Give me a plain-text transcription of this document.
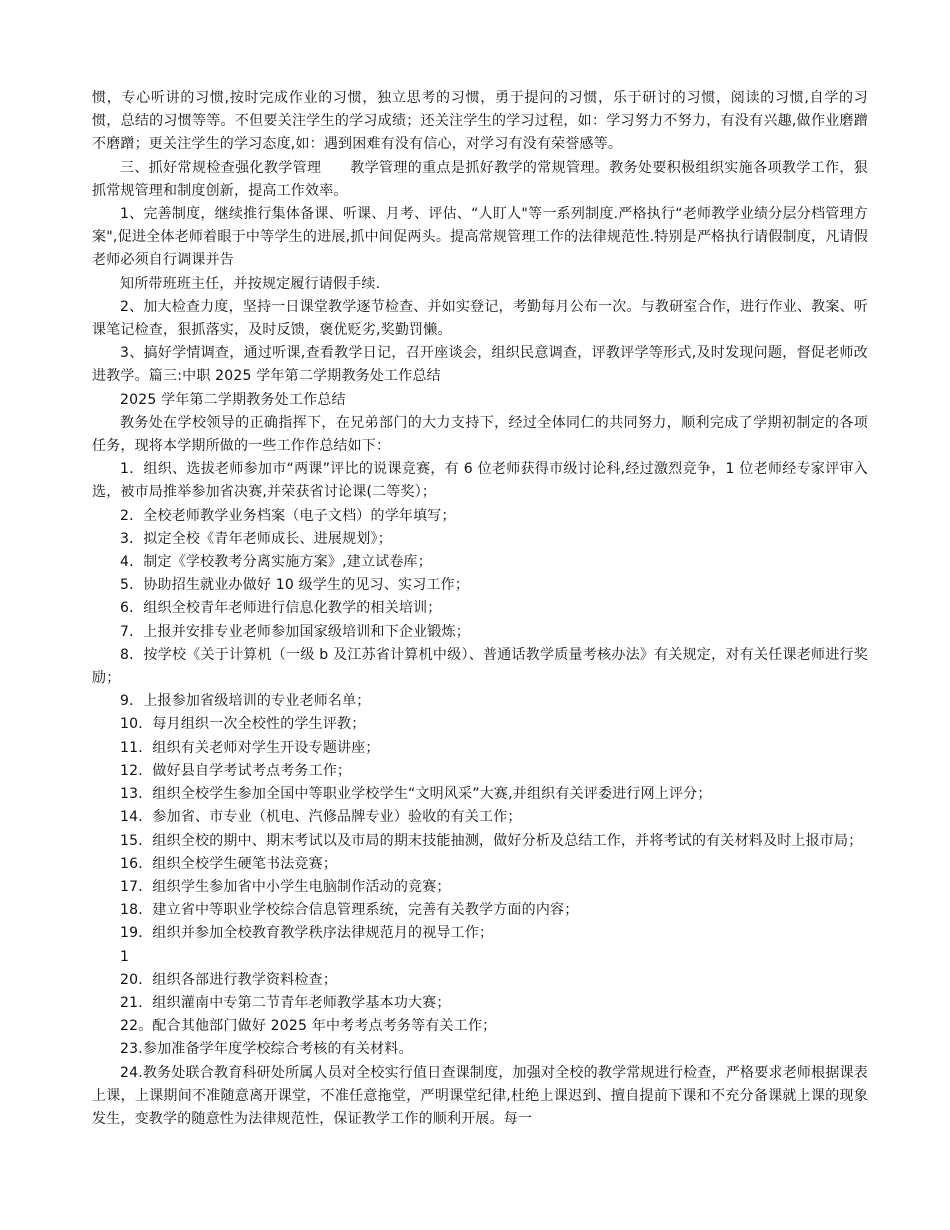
惯，专心听讲的习惯,按时完成作业的习惯，独立思考的习惯，勇于提问的习惯，乐于研讨的习惯，阅读的习惯,自学的习惯，总结的习惯等等。不但要关注学生的学习成绩；还关注学生的学习过程，如：学习努力不努力，有没有兴趣,做作业磨蹭不磨蹭；更关注学生的学习态度,如：遇到困难有没有信心，对学习有没有荣誉感等。

三、抓好常规检查强化教学管理　　教学管理的重点是抓好教学的常规管理。教务处要积极组织实施各项教学工作，狠抓常规管理和制度创新，提高工作效率。

1、完善制度，继续推行集体备课、听课、月考、评估、“人盯人"等一系列制度.严格执行“老师教学业绩分层分档管理方案",促进全体老师着眼于中等学生的进展,抓中间促两头。提高常规管理工作的法律规范性.特别是严格执行请假制度，凡请假老师必须自行调课并告

知所带班班主任，并按规定履行请假手续.

2、加大检查力度，坚持一日课堂教学逐节检查、并如实登记，考勤每月公布一次。与教研室合作，进行作业、教案、听课笔记检查，狠抓落实，及时反馈，褒优贬劣,奖勤罚懒。

3、搞好学情调查，通过听课,查看教学日记，召开座谈会，组织民意调查，评教评学等形式,及时发现问题，督促老师改进教学。篇三:中职 2025 学年第二学期教务处工作总结

2025 学年第二学期教务处工作总结

教务处在学校领导的正确指挥下，在兄弟部门的大力支持下，经过全体同仁的共同努力，顺利完成了学期初制定的各项任务，现将本学期所做的一些工作作总结如下：

1．组织、选拔老师参加市“两课”评比的说课竞赛，有 6 位老师获得市级讨论科,经过激烈竞争，1 位老师经专家评审入选，被市局推举参加省决赛,并荣获省讨论课(二等奖）；

2．全校老师教学业务档案（电子文档）的学年填写；

3．拟定全校《青年老师成长、进展规划》；

4．制定《学校教考分离实施方案》,建立试卷库；

5．协助招生就业办做好 10 级学生的见习、实习工作；

6．组织全校青年老师进行信息化教学的相关培训；

7．上报并安排专业老师参加国家级培训和下企业锻炼；

8．按学校《关于计算机（一级 b 及江苏省计算机中级）、普通话教学质量考核办法》有关规定，对有关任课老师进行奖励；

9．上报参加省级培训的专业老师名单；

10．每月组织一次全校性的学生评教；

11．组织有关老师对学生开设专题讲座；

12．做好县自学考试考点考务工作；

13．组织全校学生参加全国中等职业学校学生“文明风采”大赛,并组织有关评委进行网上评分；

14．参加省、市专业（机电、汽修品牌专业）验收的有关工作；

15．组织全校的期中、期末考试以及市局的期末技能抽测，做好分析及总结工作，并将考试的有关材料及时上报市局；

16．组织全校学生硬笔书法竞赛；

17．组织学生参加省中小学生电脑制作活动的竞赛；

18．建立省中等职业学校综合信息管理系统，完善有关教学方面的内容；

19．组织并参加全校教育教学秩序法律规范月的视导工作；

1

20．组织各部进行教学资料检查；

21．组织灌南中专第二节青年老师教学基本功大赛；

22。配合其他部门做好 2025 年中考考点考务等有关工作；

23.参加准备学年度学校综合考核的有关材料。

24.教务处联合教育科研处所属人员对全校实行值日查课制度，加强对全校的教学常规进行检查，严格要求老师根据课表上课，上课期间不准随意离开课堂，不准任意拖堂，严明课堂纪律,杜绝上课迟到、擅自提前下课和不充分备课就上课的现象发生，变教学的随意性为法律规范性，保证教学工作的顺利开展。每一
